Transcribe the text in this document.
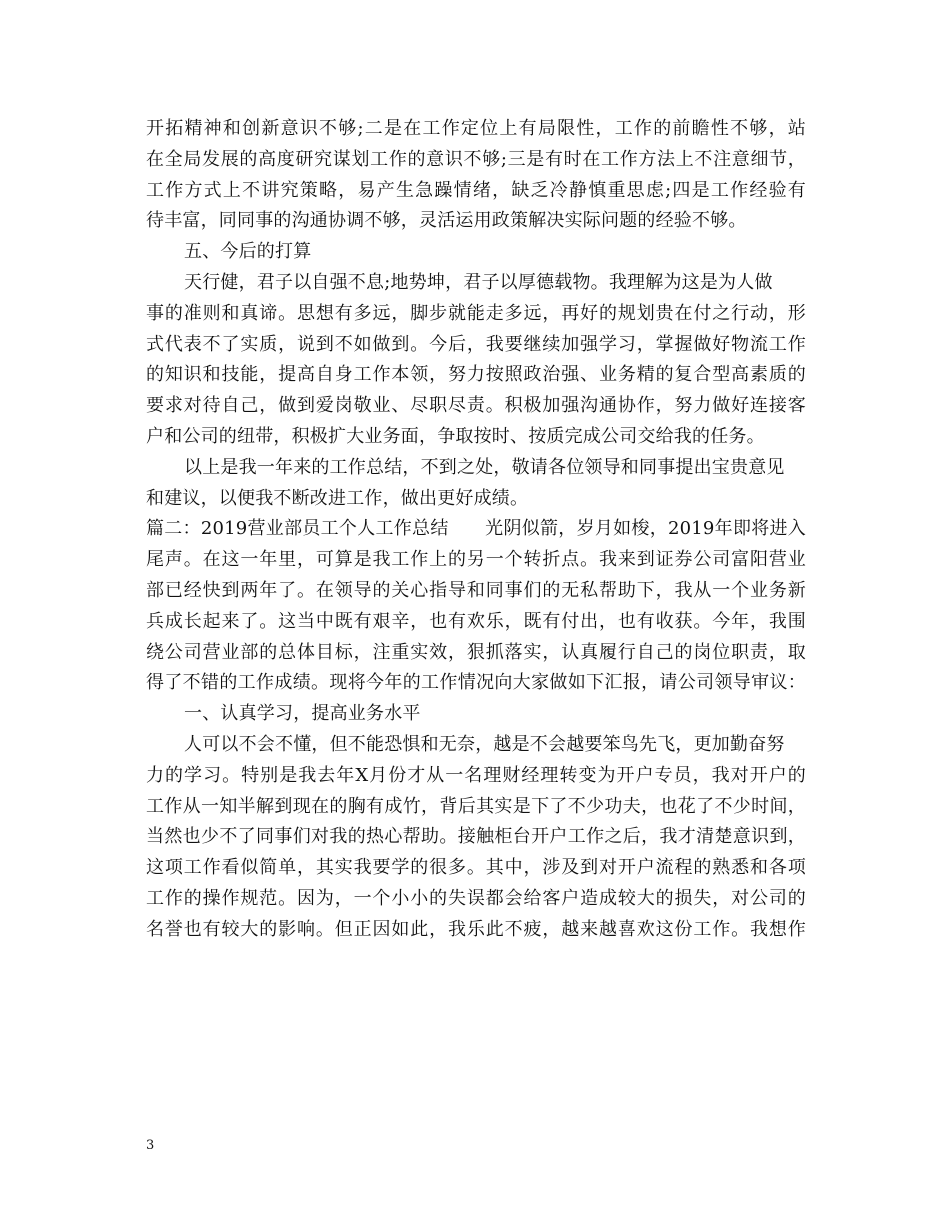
开拓精神和创新意识不够;二是在工作定位上有局限性，工作的前瞻性不够，站
在全局发展的高度研究谋划工作的意识不够;三是有时在工作方法上不注意细节，
工作方式上不讲究策略，易产生急躁情绪，缺乏冷静慎重思虑;四是工作经验有
待丰富，同同事的沟通协调不够，灵活运用政策解决实际问题的经验不够。
五、今后的打算
天行健，君子以自强不息;地势坤，君子以厚德载物。我理解为这是为人做
事的准则和真谛。思想有多远，脚步就能走多远，再好的规划贵在付之行动，形
式代表不了实质，说到不如做到。今后，我要继续加强学习，掌握做好物流工作
的知识和技能，提高自身工作本领，努力按照政治强、业务精的复合型高素质的
要求对待自己，做到爱岗敬业、尽职尽责。积极加强沟通协作，努力做好连接客
户和公司的纽带，积极扩大业务面，争取按时、按质完成公司交给我的任务。
以上是我一年来的工作总结，不到之处，敬请各位领导和同事提出宝贵意见
和建议，以便我不断改进工作，做出更好成绩。
篇二：2019营业部员工个人工作总结　　光阴似箭，岁月如梭，2019年即将进入
尾声。在这一年里，可算是我工作上的另一个转折点。我来到证券公司富阳营业
部已经快到两年了。在领导的关心指导和同事们的无私帮助下，我从一个业务新
兵成长起来了。这当中既有艰辛，也有欢乐，既有付出，也有收获。今年，我围
绕公司营业部的总体目标，注重实效，狠抓落实，认真履行自己的岗位职责，取
得了不错的工作成绩。现将今年的工作情况向大家做如下汇报，请公司领导审议：
一、认真学习，提高业务水平
人可以不会不懂，但不能恐惧和无奈，越是不会越要笨鸟先飞，更加勤奋努
力的学习。特别是我去年X月份才从一名理财经理转变为开户专员，我对开户的
工作从一知半解到现在的胸有成竹，背后其实是下了不少功夫，也花了不少时间，
当然也少不了同事们对我的热心帮助。接触柜台开户工作之后，我才清楚意识到，
这项工作看似简单，其实我要学的很多。其中，涉及到对开户流程的熟悉和各项
工作的操作规范。因为，一个小小的失误都会给客户造成较大的损失，对公司的
名誉也有较大的影响。但正因如此，我乐此不疲，越来越喜欢这份工作。我想作
3
